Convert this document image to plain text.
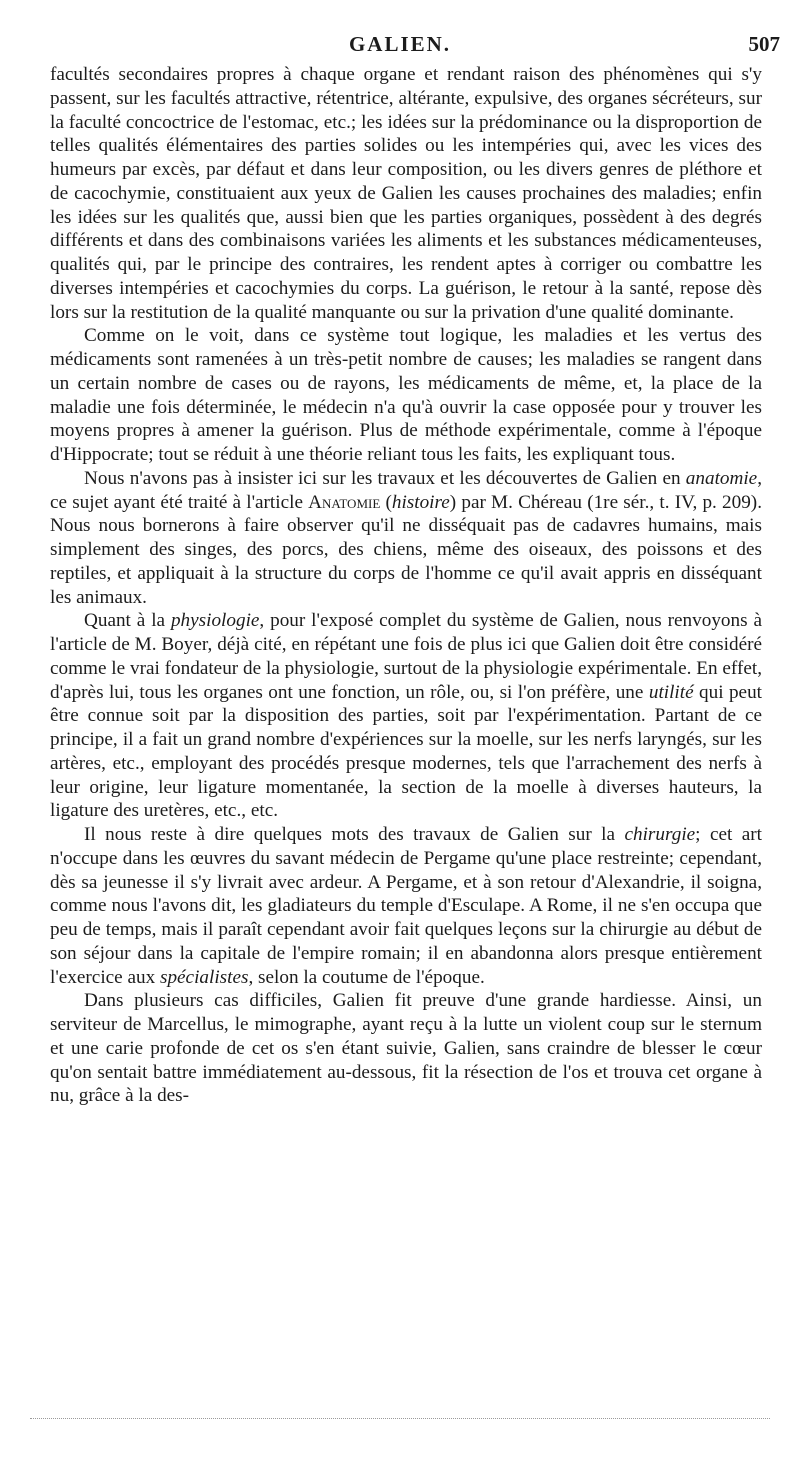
GALIEN.	507

facultés secondaires propres à chaque organe et rendant raison des phénomènes qui s'y passent, sur les facultés attractive, rétentrice, altérante, expulsive, des organes sécréteurs, sur la faculté concoctrice de l'estomac, etc.; les idées sur la prédominance ou la disproportion de telles qualités élémentaires des parties solides ou les intempéries qui, avec les vices des humeurs par excès, par défaut et dans leur composition, ou les divers genres de pléthore et de cacochymie, constituaient aux yeux de Galien les causes prochaines des maladies; enfin les idées sur les qualités que, aussi bien que les parties organiques, possèdent à des degrés différents et dans des combinaisons variées les aliments et les substances médicamenteuses, qualités qui, par le principe des contraires, les rendent aptes à corriger ou combattre les diverses intempéries et cacochymies du corps. La guérison, le retour à la santé, repose dès lors sur la restitution de la qualité manquante ou sur la privation d'une qualité dominante.

Comme on le voit, dans ce système tout logique, les maladies et les vertus des médicaments sont ramenées à un très-petit nombre de causes; les maladies se rangent dans un certain nombre de cases ou de rayons, les médicaments de même, et, la place de la maladie une fois déterminée, le médecin n'a qu'à ouvrir la case opposée pour y trouver les moyens propres à amener la guérison. Plus de méthode expérimentale, comme à l'époque d'Hippocrate; tout se réduit à une théorie reliant tous les faits, les expliquant tous.

Nous n'avons pas à insister ici sur les travaux et les découvertes de Galien en anatomie, ce sujet ayant été traité à l'article Anatomie (histoire) par M. Chéreau (1re sér., t. IV, p. 209). Nous nous bornerons à faire observer qu'il ne disséquait pas de cadavres humains, mais simplement des singes, des porcs, des chiens, même des oiseaux, des poissons et des reptiles, et appliquait à la structure du corps de l'homme ce qu'il avait appris en disséquant les animaux.

Quant à la physiologie, pour l'exposé complet du système de Galien, nous renvoyons à l'article de M. Boyer, déjà cité, en répétant une fois de plus ici que Galien doit être considéré comme le vrai fondateur de la physiologie, surtout de la physiologie expérimentale. En effet, d'après lui, tous les organes ont une fonction, un rôle, ou, si l'on préfère, une utilité qui peut être connue soit par la disposition des parties, soit par l'expérimentation. Partant de ce principe, il a fait un grand nombre d'expériences sur la moelle, sur les nerfs laryngés, sur les artères, etc., employant des procédés presque modernes, tels que l'arrachement des nerfs à leur origine, leur ligature momentanée, la section de la moelle à diverses hauteurs, la ligature des uretères, etc., etc.

Il nous reste à dire quelques mots des travaux de Galien sur la chirurgie; cet art n'occupe dans les œuvres du savant médecin de Pergame qu'une place restreinte; cependant, dès sa jeunesse il s'y livrait avec ardeur. A Pergame, et à son retour d'Alexandrie, il soigna, comme nous l'avons dit, les gladiateurs du temple d'Esculape. A Rome, il ne s'en occupa que peu de temps, mais il paraît cependant avoir fait quelques leçons sur la chirurgie au début de son séjour dans la capitale de l'empire romain; il en abandonna alors presque entièrement l'exercice aux spécialistes, selon la coutume de l'époque.

Dans plusieurs cas difficiles, Galien fit preuve d'une grande hardiesse. Ainsi, un serviteur de Marcellus, le mimographe, ayant reçu à la lutte un violent coup sur le sternum et une carie profonde de cet os s'en étant suivie, Galien, sans craindre de blesser le cœur qu'on sentait battre immédiatement au-dessous, fit la résection de l'os et trouva cet organe à nu, grâce à la des-
